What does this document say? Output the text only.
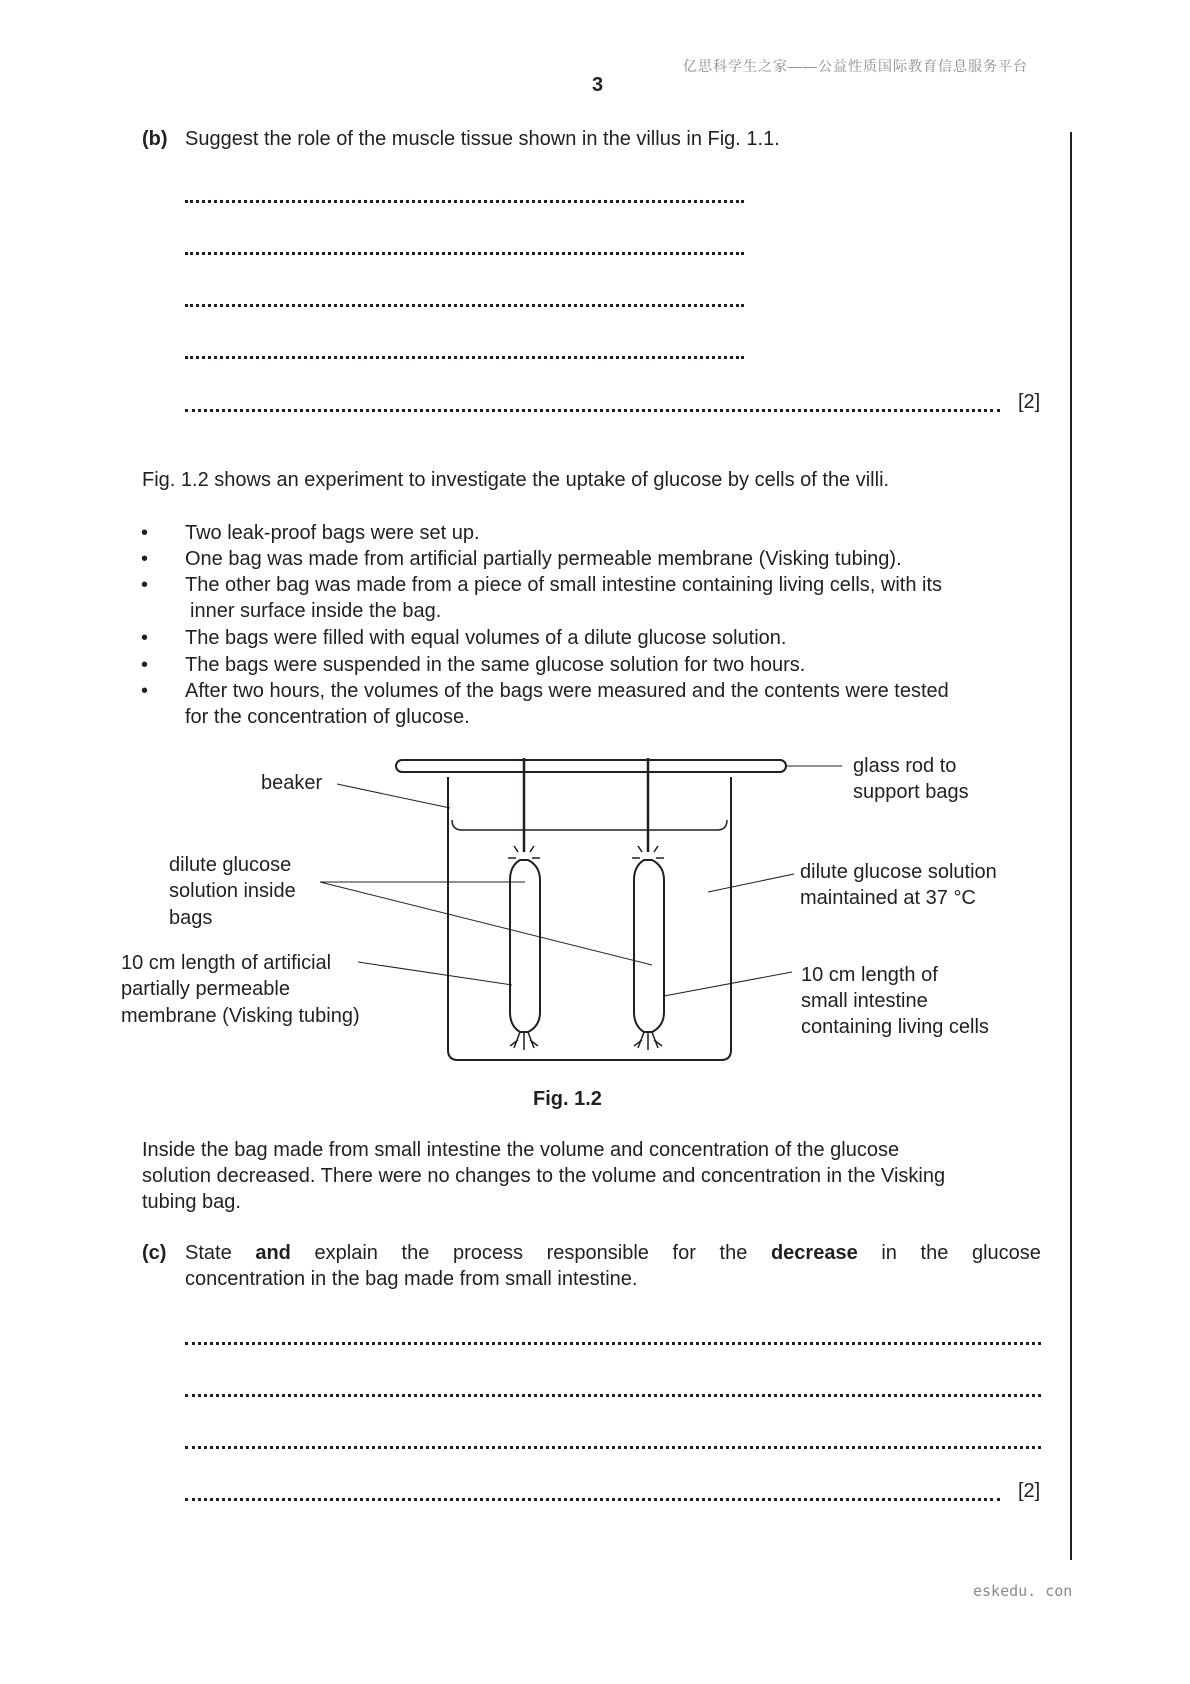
亿思科学生之家——公益性质国际教育信息服务平台
3
(b) Suggest the role of the muscle tissue shown in the villus in Fig. 1.1.
[2]
Fig. 1.2 shows an experiment to investigate the uptake of glucose by cells of the villi.
• Two leak-proof bags were set up.
• One bag was made from artificial partially permeable membrane (Visking tubing).
• The other bag was made from a piece of small intestine containing living cells, with its
inner surface inside the bag.
• The bags were filled with equal volumes of a dilute glucose solution.
• The bags were suspended in the same glucose solution for two hours.
• After two hours, the volumes of the bags were measured and the contents were tested
for the concentration of glucose.
beaker
glass rod to
support bags
dilute glucose
solution inside
bags
dilute glucose solution
maintained at 37 °C
10 cm length of artificial
partially permeable
membrane (Visking tubing)
10 cm length of
small intestine
containing living cells
Fig. 1.2
Inside the bag made from small intestine the volume and concentration of the glucose
solution decreased. There were no changes to the volume and concentration in the Visking
tubing bag.
(c) State and explain the process responsible for the decrease in the glucose
concentration in the bag made from small intestine.
[2]
eskedu. con
